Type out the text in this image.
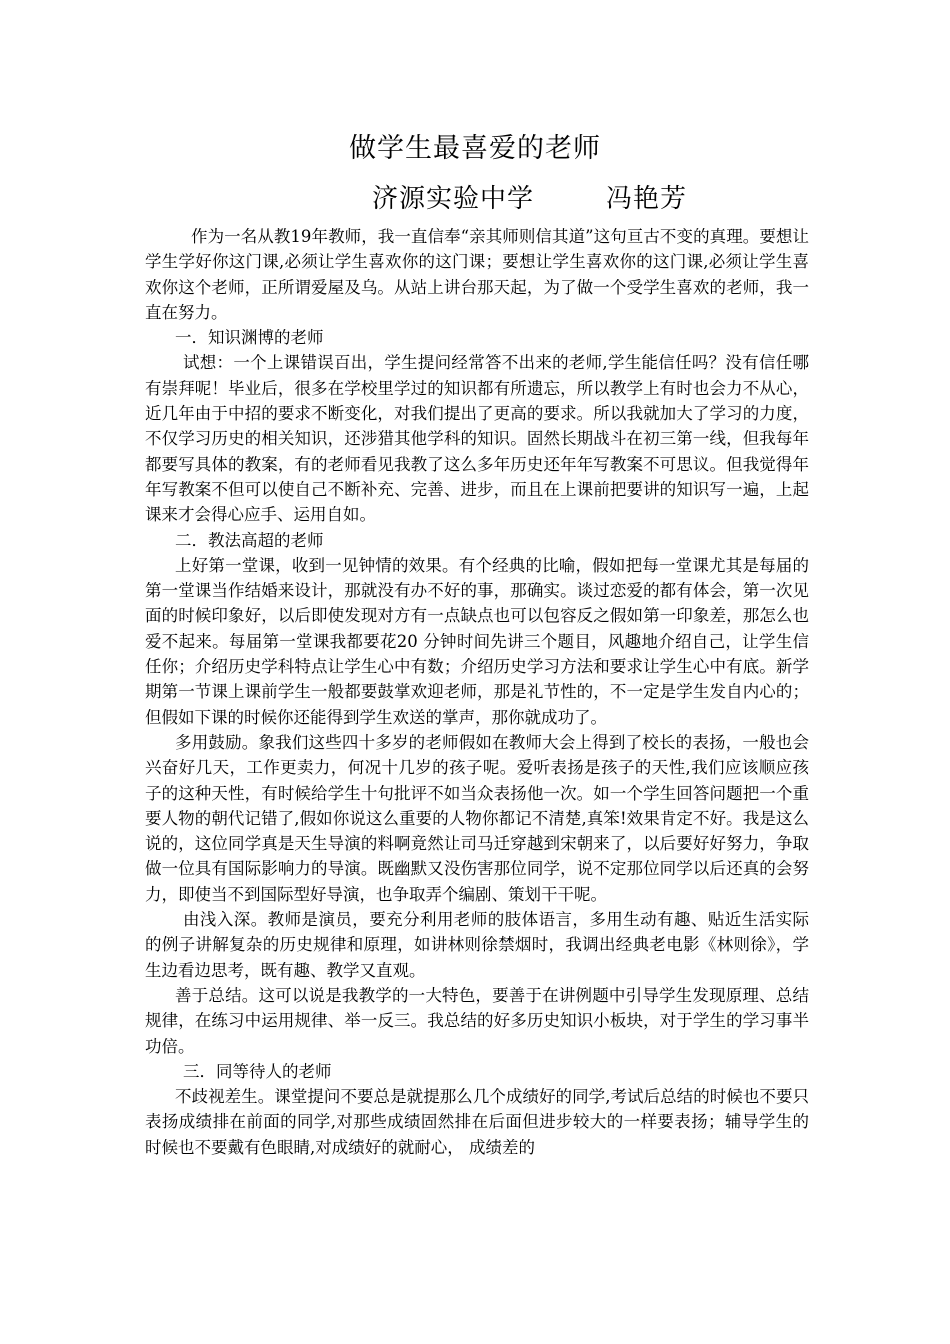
做学生最喜爱的老师
济源实验中学	冯艳芳

作为一名从教19年教师，我一直信奉“亲其师则信其道”这句亘古不变的真理。要想让学生学好你这门课,必须让学生喜欢你的这门课；要想让学生喜欢你的这门课,必须让学生喜欢你这个老师，正所谓爱屋及乌。从站上讲台那天起，为了做一个受学生喜欢的老师，我一直在努力。

一．知识渊博的老师

试想：一个上课错误百出，学生提问经常答不出来的老师,学生能信任吗？没有信任哪有崇拜呢！毕业后，很多在学校里学过的知识都有所遗忘，所以教学上有时也会力不从心，近几年由于中招的要求不断变化，对我们提出了更高的要求。所以我就加大了学习的力度，不仅学习历史的相关知识，还涉猎其他学科的知识。固然长期战斗在初三第一线，但我每年都要写具体的教案，有的老师看见我教了这么多年历史还年年写教案不可思议。但我觉得年年写教案不但可以使自己不断补充、完善、进步，而且在上课前把要讲的知识写一遍，上起课来才会得心应手、运用自如。

二．教法高超的老师

上好第一堂课，收到一见钟情的效果。有个经典的比喻，假如把每一堂课尤其是每届的第一堂课当作结婚来设计，那就没有办不好的事，那确实。谈过恋爱的都有体会，第一次见面的时候印象好，以后即使发现对方有一点缺点也可以包容反之假如第一印象差，那怎么也爱不起来。每届第一堂课我都要花20 分钟时间先讲三个题目，风趣地介绍自己，让学生信任你；介绍历史学科特点让学生心中有数；介绍历史学习方法和要求让学生心中有底。新学期第一节课上课前学生一般都要鼓掌欢迎老师，那是礼节性的，不一定是学生发自内心的；但假如下课的时候你还能得到学生欢送的掌声，那你就成功了。

多用鼓励。象我们这些四十多岁的老师假如在教师大会上得到了校长的表扬，一般也会兴奋好几天，工作更卖力，何况十几岁的孩子呢。爱听表扬是孩子的天性,我们应该顺应孩子的这种天性，有时候给学生十句批评不如当众表扬他一次。如一个学生回答问题把一个重要人物的朝代记错了,假如你说这么重要的人物你都记不清楚,真笨!效果肯定不好。我是这么说的，这位同学真是天生导演的料啊竟然让司马迁穿越到宋朝来了，以后要好好努力，争取做一位具有国际影响力的导演。既幽默又没伤害那位同学，说不定那位同学以后还真的会努力，即使当不到国际型好导演，也争取弄个编剧、策划干干呢。

由浅入深。教师是演员，要充分利用老师的肢体语言，多用生动有趣、贴近生活实际的例子讲解复杂的历史规律和原理，如讲林则徐禁烟时，我调出经典老电影《林则徐》，学生边看边思考，既有趣、教学又直观。

善于总结。这可以说是我教学的一大特色，要善于在讲例题中引导学生发现原理、总结规律，在练习中运用规律、举一反三。我总结的好多历史知识小板块，对于学生的学习事半功倍。

三．同等待人的老师

不歧视差生。课堂提问不要总是就提那么几个成绩好的同学,考试后总结的时候也不要只表扬成绩排在前面的同学,对那些成绩固然排在后面但进步较大的一样要表扬；辅导学生的时候也不要戴有色眼睛,对成绩好的就耐心， 成绩差的
